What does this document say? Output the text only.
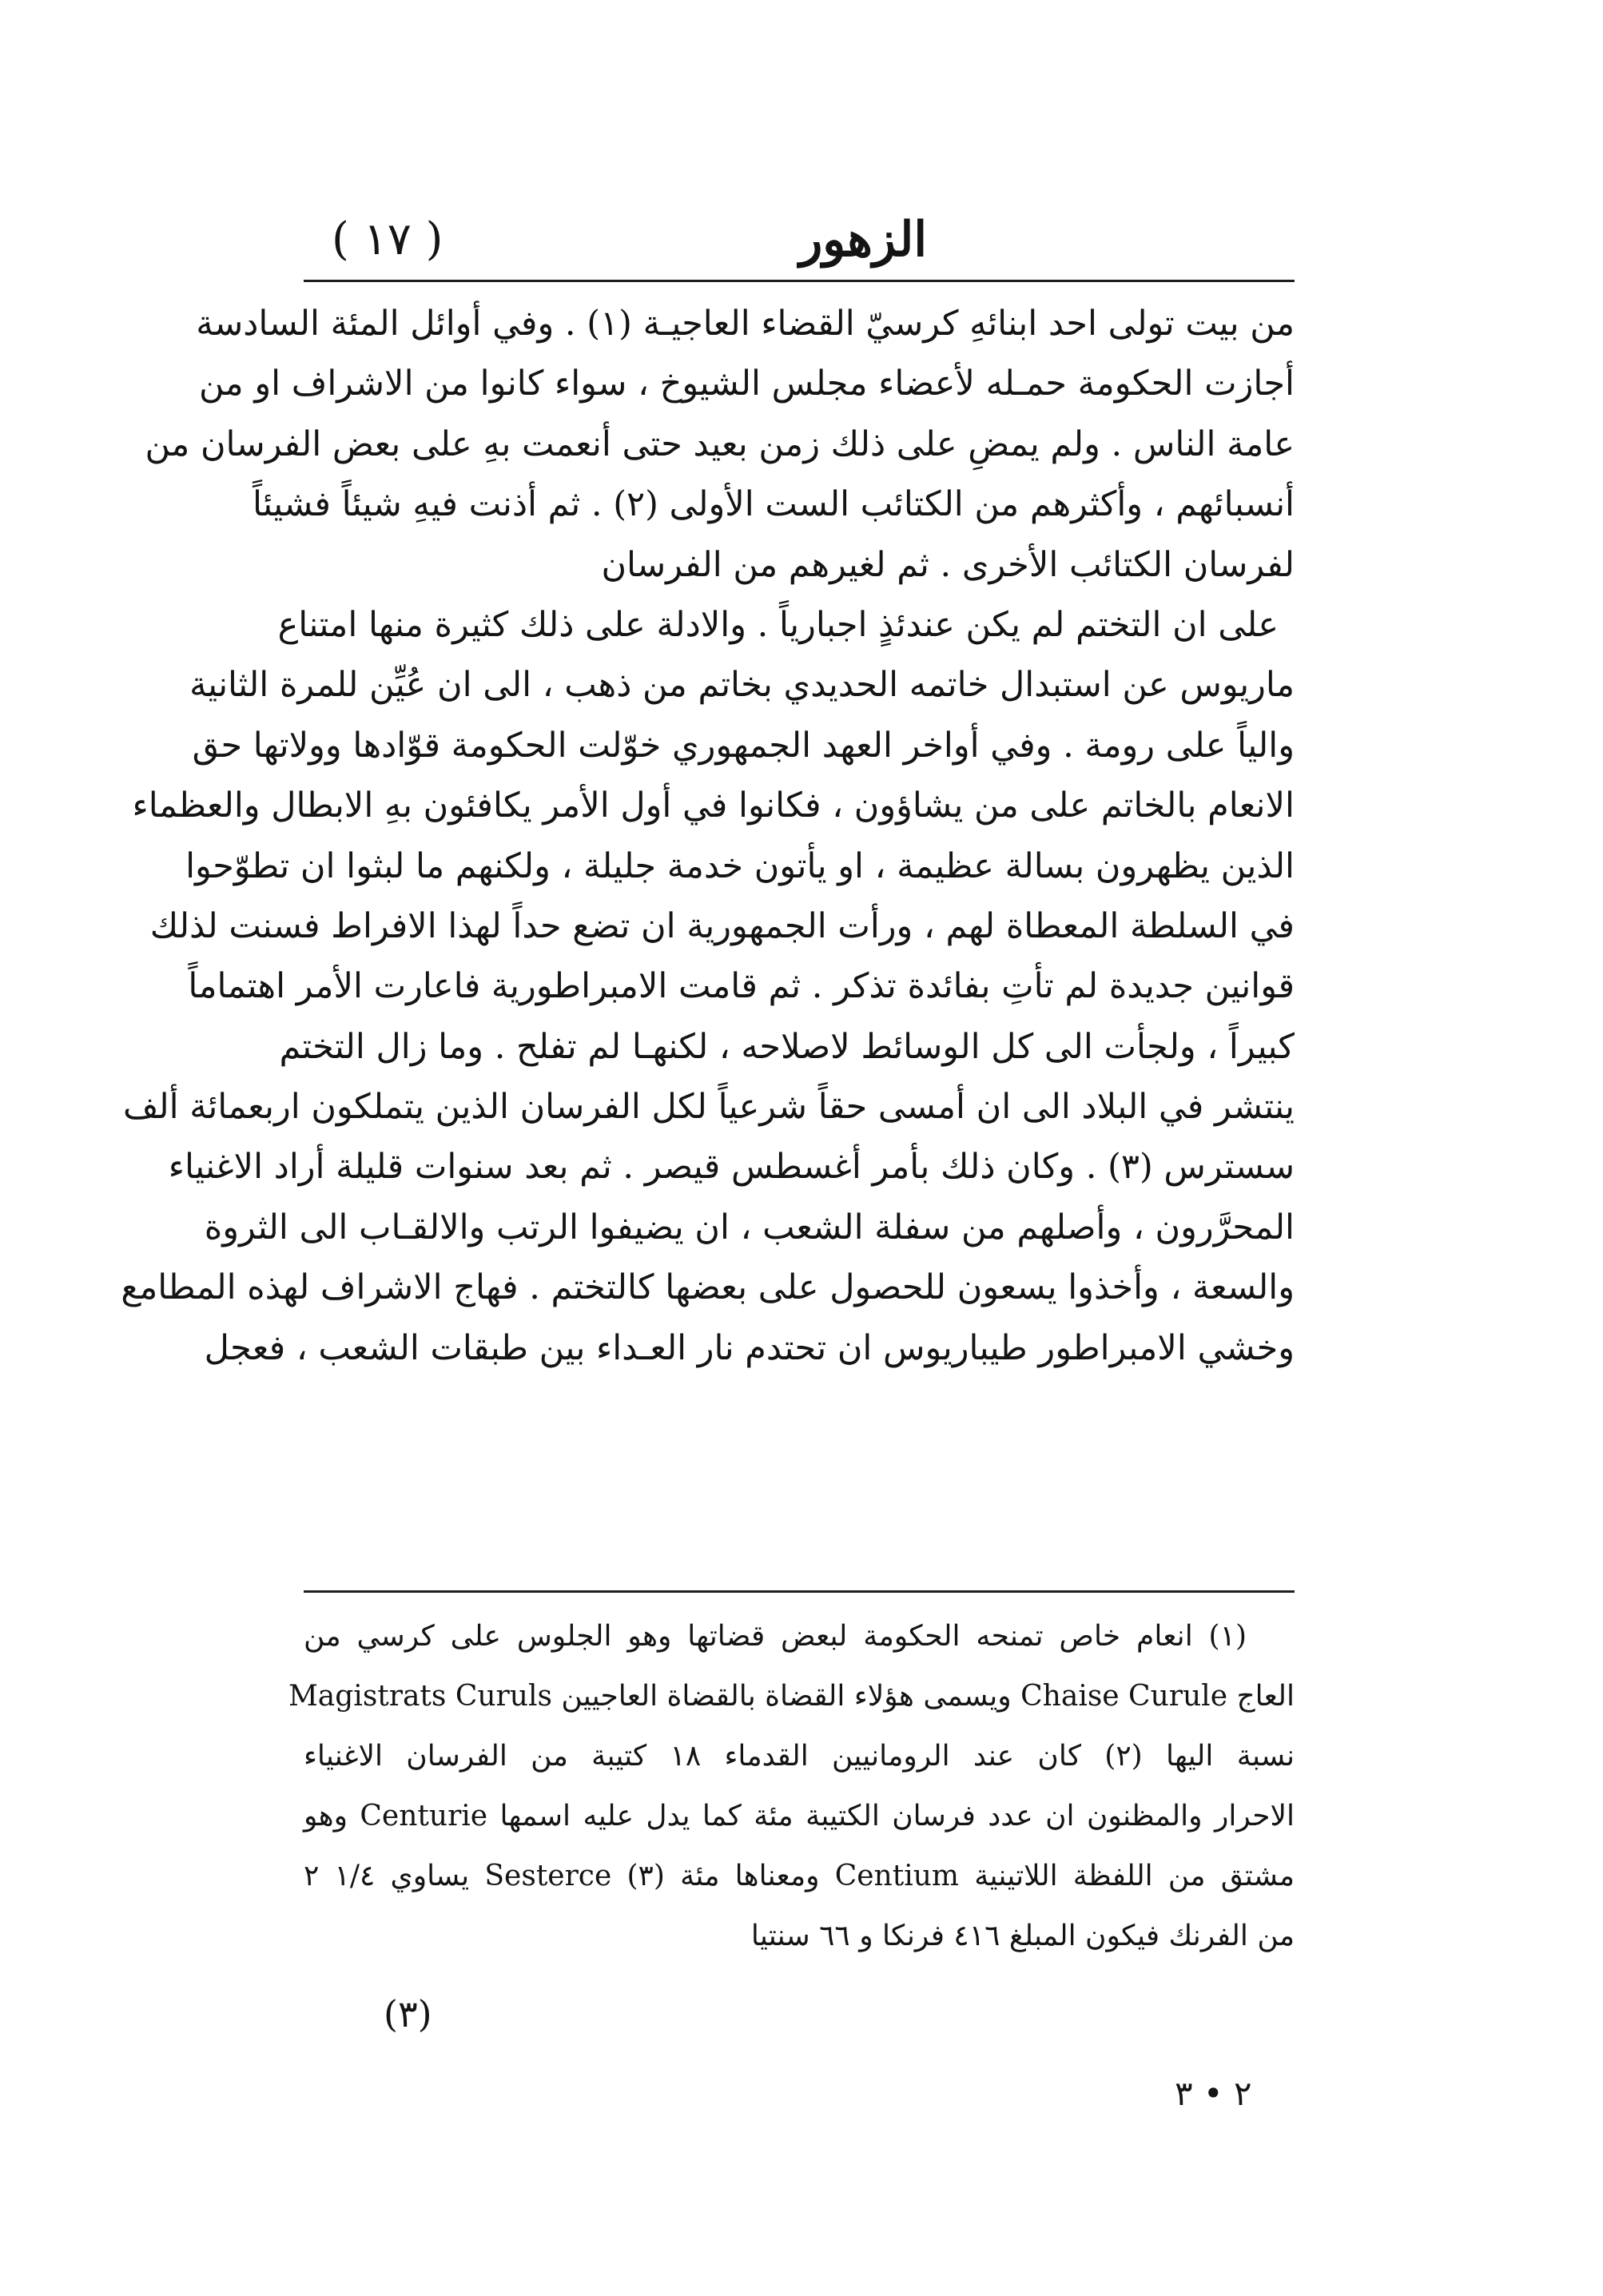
الزهور
( ١٧ )
من بيت تولى احد ابنائهِ كرسيّ القضاء العاجيـة (١) . وفي أوائل المئة السادسة
أجازت الحكومة حمـله لأعضاء مجلس الشيوخ ، سواء كانوا من الاشراف او من
عامة الناس . ولم يمضِ على ذلك زمن بعيد حتى أنعمت بهِ على بعض الفرسان من
أنسبائهم ، وأكثرهم من الكتائب الست الأولى (٢) . ثم أذنت فيهِ شيئاً فشيئاً
لفرسان الكتائب الأخرى . ثم لغيرهم من الفرسان
على ان التختم لم يكن عندئذٍ اجبارياً . والادلة على ذلك كثيرة منها امتناع
ماريوس عن استبدال خاتمه الحديدي بخاتم من ذهب ، الى ان عُيِّن للمرة الثانية
والياً على رومة . وفي أواخر العهد الجمهوري خوّلت الحكومة قوّادها وولاتها حق
الانعام بالخاتم على من يشاؤون ، فكانوا في أول الأمر يكافئون بهِ الابطال والعظماء
الذين يظهرون بسالة عظيمة ، او يأتون خدمة جليلة ، ولكنهم ما لبثوا ان تطوّحوا
في السلطة المعطاة لهم ، ورأت الجمهورية ان تضع حداً لهذا الافراط فسنت لذلك
قوانين جديدة لم تأتِ بفائدة تذكر . ثم قامت الامبراطورية فاعارت الأمر اهتماماً
كبيراً ، ولجأت الى كل الوسائط لاصلاحه ، لكنهـا لم تفلح . وما زال التختم
ينتشر في البلاد الى ان أمسى حقاً شرعياً لكل الفرسان الذين يتملكون اربعمائة ألف
سسترس (٣) . وكان ذلك بأمر أغسطس قيصر . ثم بعد سنوات قليلة أراد الاغنياء
المحرَّرون ، وأصلهم من سفلة الشعب ، ان يضيفوا الرتب والالقـاب الى الثروة
والسعة ، وأخذوا يسعون للحصول على بعضها كالتختم . فهاج الاشراف لهذه المطامع
وخشي الامبراطور طيباريوس ان تحتدم نار العـداء بين طبقات الشعب ، فعجل
(١) انعام خاص تمنحه الحكومة لبعض قضاتها وهو الجلوس على كرسي من
العاج Chaise Curule ويسمى هؤلاء القضاة بالقضاة العاجيين Magistrats Curuls
نسبة اليها (٢) كان عند الرومانيين القدماء ١٨ كتيبة من الفرسان الاغنياء
الاحرار والمظنون ان عدد فرسان الكتيبة مئة كما يدل عليه اسمها Centurie وهو
مشتق من اللفظة اللاتينية Centium ومعناها مئة (٣) Sesterce يساوي ١/٤ ٢
من الفرنك فيكون المبلغ ٤١٦ فرنكا و ٦٦ سنتيا
(٣)
٢ • ٣
